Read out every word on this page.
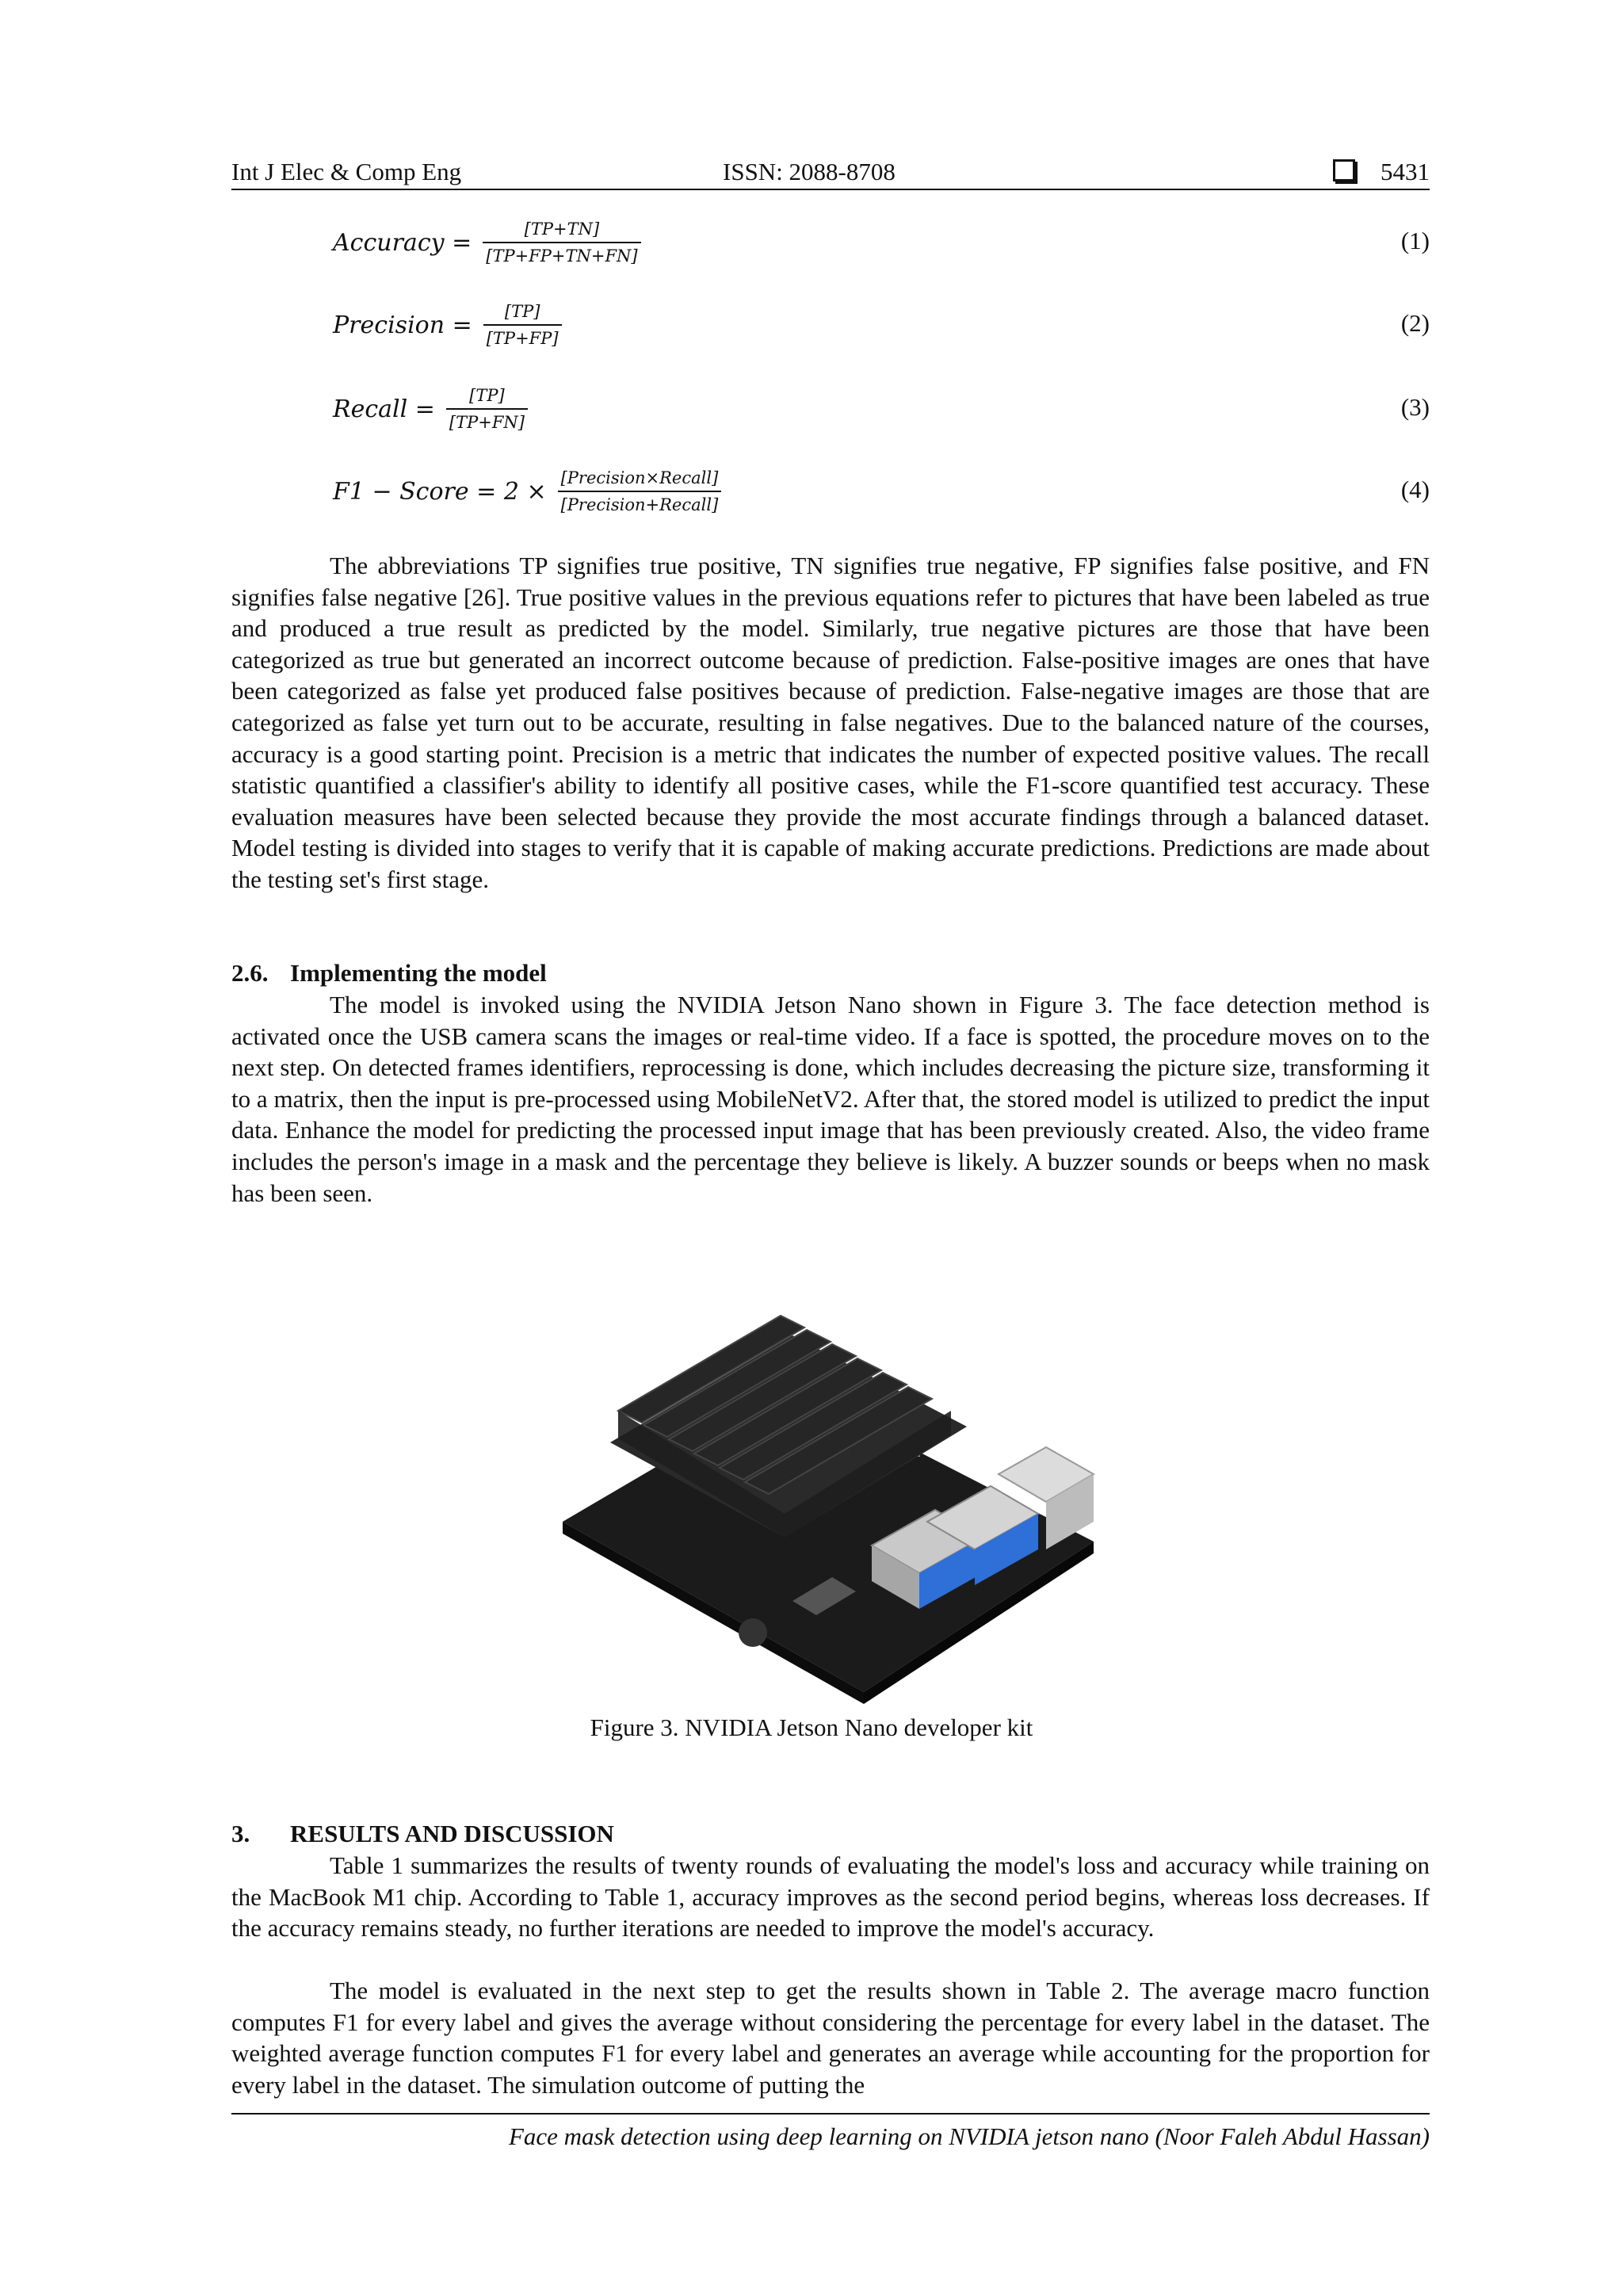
Int J Elec & Comp Eng	ISSN: 2088-8708	5431
Accuracy = $\frac{[TP+TN]}{[TP+FP+TN+FN]}$	(1)
Precision = $\frac{[TP]}{[TP+FP]}$	(2)
Recall = $\frac{[TP]}{[TP+FN]}$	(3)
F1 − Score = $2 \times \frac{\text{[Precision×Recall]}}{\text{[Precision+Recall]}}$	(4)
The abbreviations TP signifies true positive, TN signifies true negative, FP signifies false positive, and FN signifies false negative [26]. True positive values in the previous equations refer to pictures that have been labeled as true and produced a true result as predicted by the model. Similarly, true negative pictures are those that have been categorized as true but generated an incorrect outcome because of prediction. False-positive images are ones that have been categorized as false yet produced false positives because of prediction. False-negative images are those that are categorized as false yet turn out to be accurate, resulting in false negatives. Due to the balanced nature of the courses, accuracy is a good starting point. Precision is a metric that indicates the number of expected positive values. The recall statistic quantified a classifier's ability to identify all positive cases, while the F1-score quantified test accuracy. These evaluation measures have been selected because they provide the most accurate findings through a balanced dataset. Model testing is divided into stages to verify that it is capable of making accurate predictions. Predictions are made about the testing set's first stage.
2.6. Implementing the model
The model is invoked using the NVIDIA Jetson Nano shown in Figure 3. The face detection method is activated once the USB camera scans the images or real-time video. If a face is spotted, the procedure moves on to the next step. On detected frames identifiers, reprocessing is done, which includes decreasing the picture size, transforming it to a matrix, then the input is pre-processed using MobileNetV2. After that, the stored model is utilized to predict the input data. Enhance the model for predicting the processed input image that has been previously created. Also, the video frame includes the person's image in a mask and the percentage they believe is likely. A buzzer sounds or beeps when no mask has been seen.
Figure 3. NVIDIA Jetson Nano developer kit
3. RESULTS AND DISCUSSION
Table 1 summarizes the results of twenty rounds of evaluating the model's loss and accuracy while training on the MacBook M1 chip. According to Table 1, accuracy improves as the second period begins, whereas loss decreases. If the accuracy remains steady, no further iterations are needed to improve the model's accuracy.
The model is evaluated in the next step to get the results shown in Table 2. The average macro function computes F1 for every label and gives the average without considering the percentage for every label in the dataset. The weighted average function computes F1 for every label and generates an average while accounting for the proportion for every label in the dataset. The simulation outcome of putting the
Face mask detection using deep learning on NVIDIA jetson nano (Noor Faleh Abdul Hassan)
